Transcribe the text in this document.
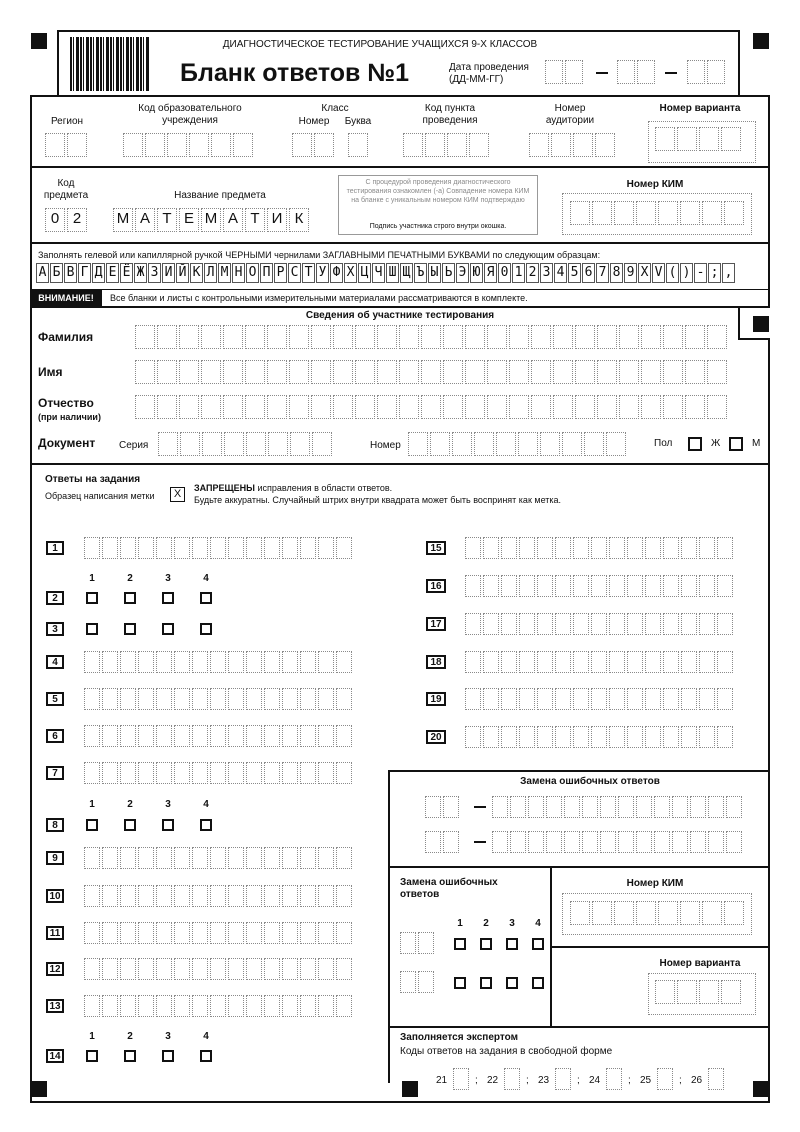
ДИАГНОСТИЧЕСКОЕ ТЕСТИРОВАНИЕ УЧАЩИХСЯ 9-Х КЛАССОВ
Бланк ответов №1	Дата проведения
(ДД-ММ-ГГ)
Регион
Код образовательного учреждения
Класс
Номер	Буква
Код пункта проведения
Номер аудитории
Номер варианта
Код предмета	Название предмета
0 2	М А Т Е М А Т И К
С процедурой проведения диагностического тестирования ознакомлен (-а) Совпадение номера КИМ на бланке с уникальным номером КИМ подтверждаю
Подпись участника строго внутри окошка.
Номер КИМ
Заполнять гелевой или капиллярной ручкой ЧЕРНЫМИ чернилами ЗАГЛАВНЫМИ ПЕЧАТНЫМИ БУКВАМИ по следующим образцам:
А Б В Г Д Е Ё Ж З И Й К Л М Н О П Р С Т У Ф Х Ц Ч Ш Щ Ъ Ы Ь Э Ю Я 0 1 2 3 4 5 6 7 8 9 X V ( ) - ; ,
ВНИМАНИЕ!	Все бланки и листы с контрольными измерительными материалами рассматриваются в комплекте.
Сведения об участнике тестирования
Фамилия
Имя
Отчество
(при наличии)
Документ Серия	Номер	Пол	Ж	М
Ответы на задания
Образец написания метки	X	ЗАПРЕЩЕНЫ исправления в области ответов.
Будьте аккуратны. Случайный штрих внутри квадрата может быть воспринят как метка.
1
2
1	2	3	4
3
4
5
6
7
8
1	2	3	4
9
10
11
12
13
14
1	2	3	4
15
16
17
18
19
20
Замена ошибочных ответов
Замена ошибочных ответов
1	2	3	4
Номер КИМ
Номер варианта
Заполняется экспертом
Коды ответов на задания в свободной форме
21	; 22	; 23	; 24	; 25	; 26
